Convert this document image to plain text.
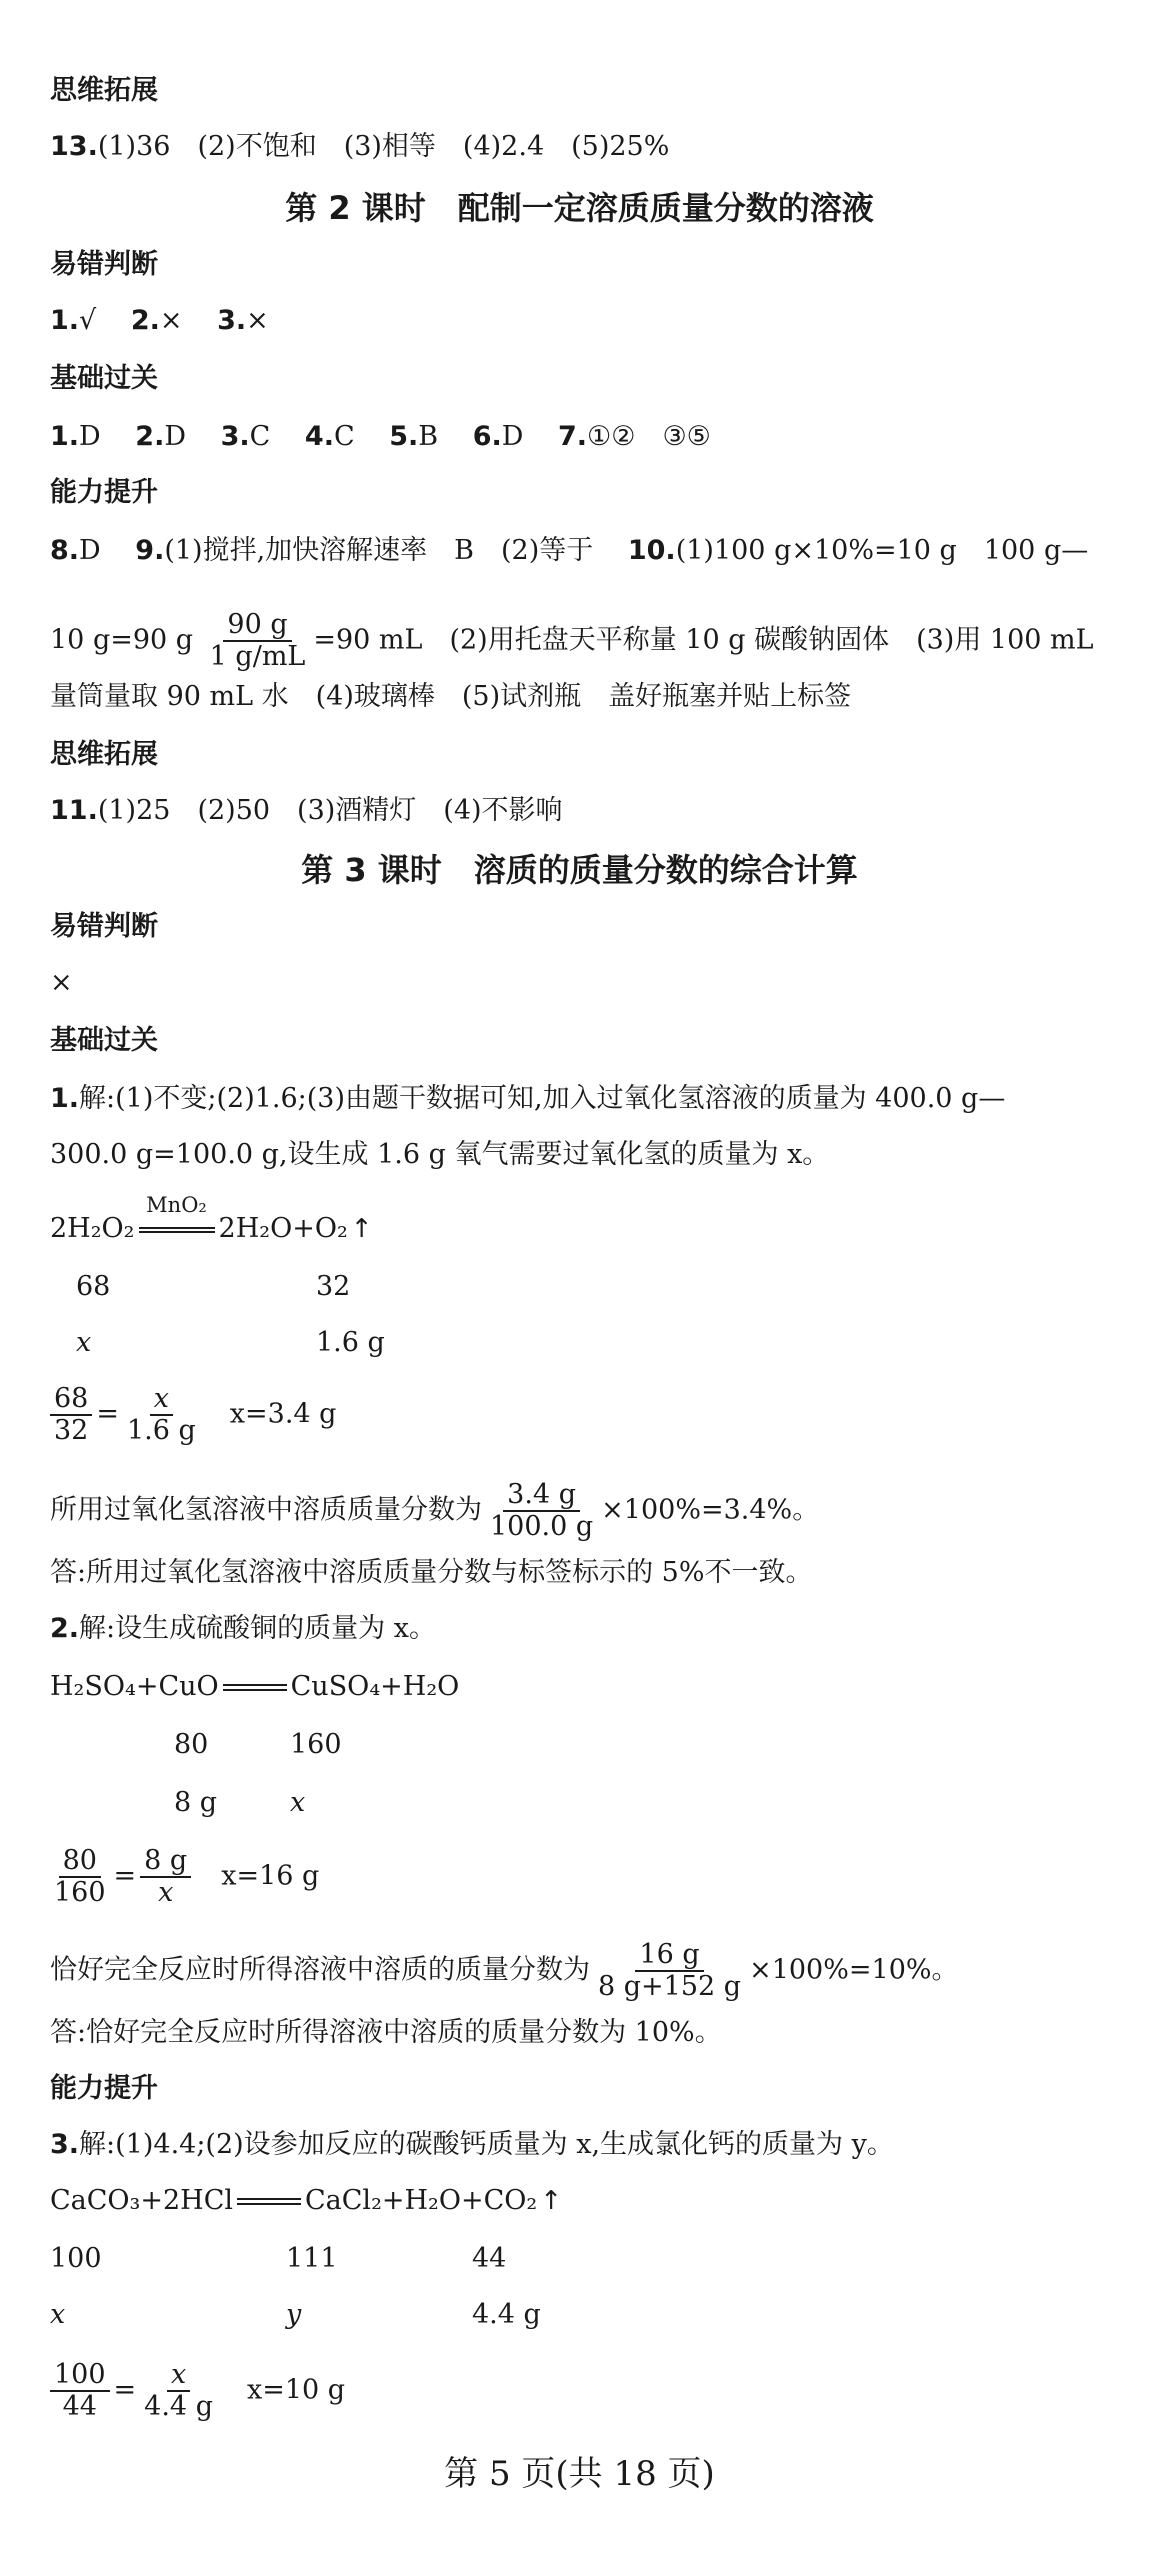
思维拓展
13.(1)36　(2)不饱和　(3)相等　(4)2.4　(5)25%
第 2 课时　配制一定溶质质量分数的溶液
易错判断
1.√ 2.× 3.×
基础过关
1.D 2.D 3.C 4.C 5.B 6.D 7.①②　③⑤
能力提升
8.D 9.(1)搅拌,加快溶解速率　B　(2)等于 10.(1)100 g×10%=10 g　100 g—
10 g=90 g $\frac{90 g}{1 g/mL} =90$ mL　(2)用托盘天平称量 10 g 碳酸钠固体　(3)用 100 mL
量筒量取 90 mL 水　(4)玻璃棒　(5)试剂瓶　盖好瓶塞并贴上标签
思维拓展
11.(1)25　(2)50　(3)酒精灯　(4)不影响
第 3 课时　溶质的质量分数的综合计算
易错判断
×
基础过关
1.解:(1)不变;(2)1.6;(3)由题干数据可知,加入过氧化氢溶液的质量为 400.0 g—
300.0 g=100.0 g,设生成 1.6 g 氧气需要过氧化氢的质量为 x。
2H₂O₂
MnO₂
2H₂O+O₂ ↑
68	32
x	1.6 g
$\frac{68}{32} = \frac{x}{1.6 g} x=3.4$ g
所用过氧化氢溶液中溶质质量分数为 $\frac{3.4 g}{100.0 g} \times 100\%=3.4\%$。
答:所用过氧化氢溶液中溶质质量分数与标签标示的 5%不一致。
2.解:设生成硫酸铜的质量为 x。
H₂SO₄+CuO	CuSO₄+H₂O
80	160
8 g	x
$\frac{80}{160} = \frac{8 g}{x} x=16$ g
恰好完全反应时所得溶液中溶质的质量分数为 $\frac{16 g}{8 g+152 g} \times 100\%=10\%$。
答:恰好完全反应时所得溶液中溶质的质量分数为 10%。
能力提升
3.解:(1)4.4;(2)设参加反应的碳酸钙质量为 x,生成氯化钙的质量为 y。
CaCO₃+2HCl	CaCl₂+H₂O+CO₂ ↑
100	111	44
x	y	4.4 g
$\frac{100}{44} = \frac{x}{4.4 g} x=10$ g
第 5 页(共 18 页)
